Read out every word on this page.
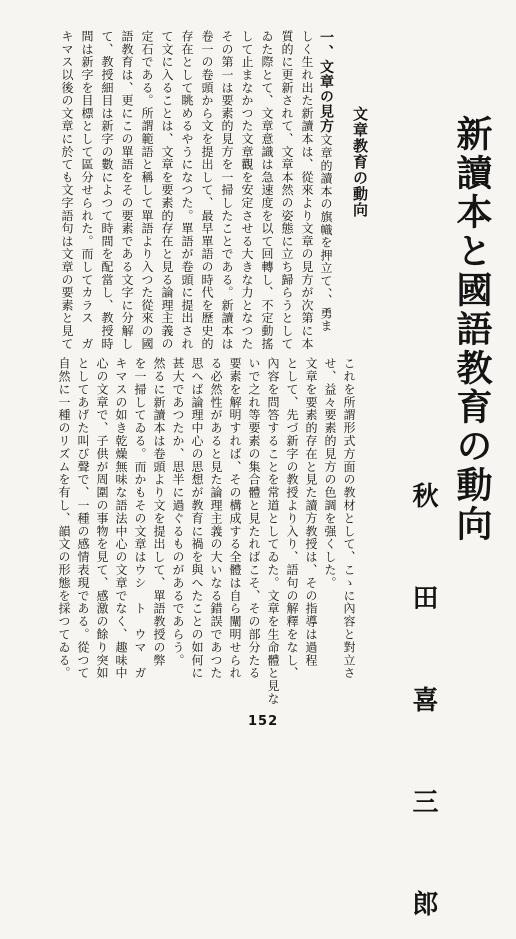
新讀本と國語教育の動向
秋 田 喜 三 郎
文章教育の動向
一、文章の見方文章的讀本の旗幟を押立て、、勇ま
しく生れ出た新讀本は、從來より文章の見方が次第に本
質的に更新されて、文章本然の姿態に立ち歸らうとして
ゐた際とて、文章意識は急速度を以て回轉し、不定動搖
して止まなかつた文章觀を安定させる大きな力となつた
その第一は要素的見方を一掃したことである。新讀本は
卷一の卷頭から文を提出して、最早單語の時代を歷史的
存在として眺めるやうになつた。單語が卷頭に提出され
て文に入ることは、文章を要素的存在と見る論理主義の
定石である。所謂範語と稱して單語より入つた從來の國
語教育は、更にこの單語をその要素である文字に分解し
て、教授細目は新字の數によつて時間を配當し、教授時
間は新字を目標として區分せられた。而してカラス　ガ
キマス以後の文章に於ても文字語句は文章の要素と見て
これを所謂形式方面の教材として、こゝに內容と對立さ
せ、益々要素的見方の色調を强くした。
文章を要素的存在と見た讀方教授は、その指導は過程
として、先づ新字の教授より入り、語句の解釋をなし、
內容を問答することを常道としてゐた。文章を生命體と見な
いで之れ等要素の集合體と見たればこそ、その部分たる
要素を解明すれば、その構成する全體は自ら闡明せられ
る必然性があると見た論理主義の大いなる錯誤であつた
思へば論理中心の思想が教育に禍を與へたことの如何に
甚大であつたか、思半に過ぐるものがあるであらう。
然るに新讀本は卷頭より文を提出して、單語教授の弊
を一掃してゐる。而かもその文章はウシ　ト　ウマ　ガ
キマスの如き乾燥無味な語法中心の文章でなく、趣味中
心の文章で、子供が周圍の事物を見て、感激の餘り突如
としてあげた叫び聲で、一種の感情表現である。從つて
自然に一種のリズムを有し、韻文の形態を採つてゐる。
152
